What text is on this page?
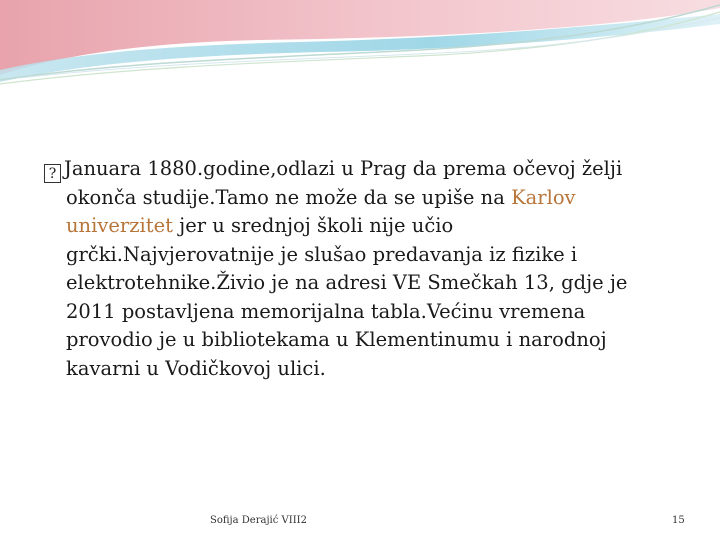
? Januara 1880.godine,odlazi u Prag da prema očevoj želji okonča studije.Tamo ne može da se upiše na Karlov univerzitet jer u srednjoj školi nije učio grčki.Najvjerovatnije je slušao predavanja iz fizike i elektrotehnike.Živio je na adresi VE Smečkah 13, gdje je 2011 postavljena memorijalna tabla.Većinu vremena provodio je u bibliotekama u Klementinumu i narodnoj kavarni u Vodičkovoj ulici.

Sofija Derajić VIII2	15
